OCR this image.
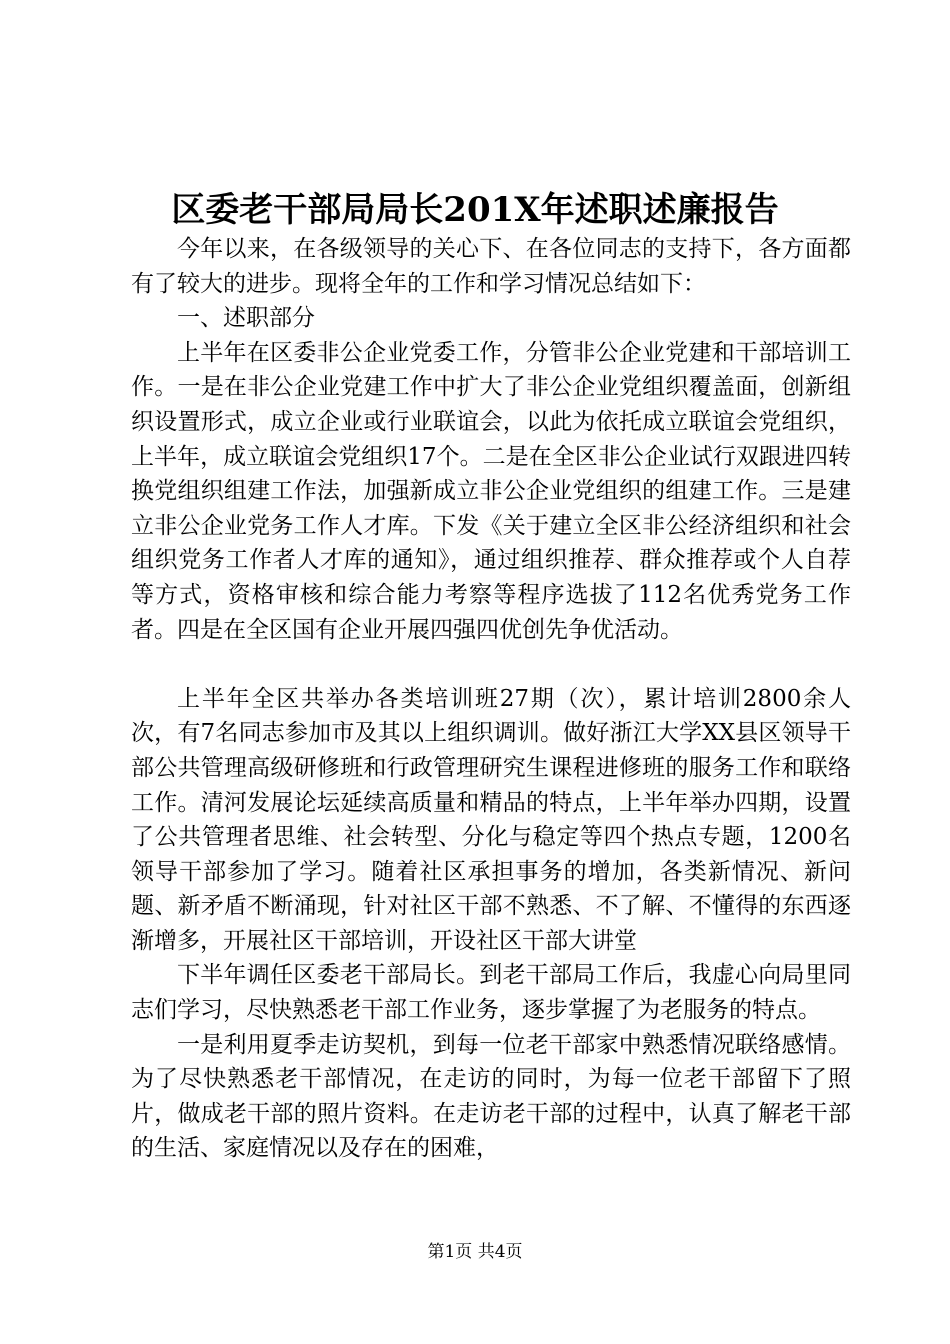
区委老干部局局长201X年述职述廉报告

今年以来，在各级领导的关心下、在各位同志的支持下，各方面都有了较大的进步。现将全年的工作和学习情况总结如下：

一、述职部分

上半年在区委非公企业党委工作，分管非公企业党建和干部培训工作。一是在非公企业党建工作中扩大了非公企业党组织覆盖面，创新组织设置形式，成立企业或行业联谊会，以此为依托成立联谊会党组织，上半年，成立联谊会党组织17个。二是在全区非公企业试行双跟进四转换党组织组建工作法，加强新成立非公企业党组织的组建工作。三是建立非公企业党务工作人才库。下发《关于建立全区非公经济组织和社会组织党务工作者人才库的通知》，通过组织推荐、群众推荐或个人自荐等方式，资格审核和综合能力考察等程序选拔了112名优秀党务工作者。四是在全区国有企业开展四强四优创先争优活动。

上半年全区共举办各类培训班27期（次），累计培训2800余人次，有7名同志参加市及其以上组织调训。做好浙江大学XX县区领导干部公共管理高级研修班和行政管理研究生课程进修班的服务工作和联络工作。清河发展论坛延续高质量和精品的特点，上半年举办四期，设置了公共管理者思维、社会转型、分化与稳定等四个热点专题，1200名领导干部参加了学习。随着社区承担事务的增加，各类新情况、新问题、新矛盾不断涌现，针对社区干部不熟悉、不了解、不懂得的东西逐渐增多，开展社区干部培训，开设社区干部大讲堂

下半年调任区委老干部局长。到老干部局工作后，我虚心向局里同志们学习，尽快熟悉老干部工作业务，逐步掌握了为老服务的特点。

一是利用夏季走访契机，到每一位老干部家中熟悉情况联络感情。为了尽快熟悉老干部情况，在走访的同时，为每一位老干部留下了照片，做成老干部的照片资料。在走访老干部的过程中，认真了解老干部的生活、家庭情况以及存在的困难，

第1页 共4页
